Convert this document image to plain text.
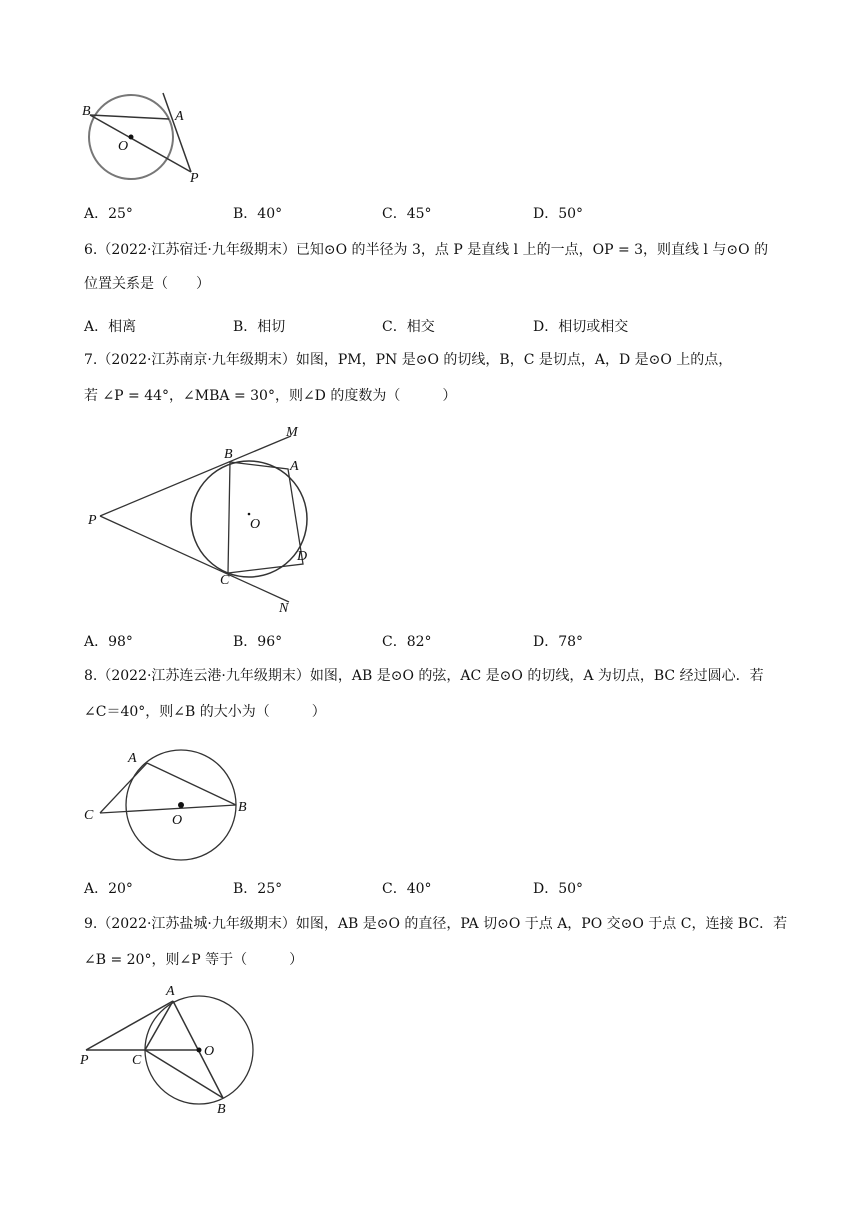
B	A
O
P
A．25°	B．40°	C．45°	D．50°
6.（2022·江苏宿迁·九年级期末）已知⊙O 的半径为 3，点 P 是直线 l 上的一点，OP = 3，则直线 l 与⊙O 的
位置关系是（　　）
A．相离	B．相切	C．相交	D．相切或相交
7.（2022·江苏南京·九年级期末）如图，PM，PN 是⊙O 的切线，B，C 是切点，A，D 是⊙O 上的点，
若 ∠P = 44°，∠MBA = 30°，则∠D 的度数为（　　　）
M
B
A
P	O
D
C
N
A．98°	B．96°	C．82°	D．78°
8.（2022·江苏连云港·九年级期末）如图，AB 是⊙O 的弦，AC 是⊙O 的切线，A 为切点，BC 经过圆心．若
∠C＝40°，则∠B 的大小为（　　　）
A
C	O
B
A．20°	B．25°	C．40°	D．50°
9.（2022·江苏盐城·九年级期末）如图，AB 是⊙O 的直径，PA 切⊙O 于点 A，PO 交⊙O 于点 C，连接 BC．若
∠B = 20°，则∠P 等于（　　　）
A
P	C
O
B
